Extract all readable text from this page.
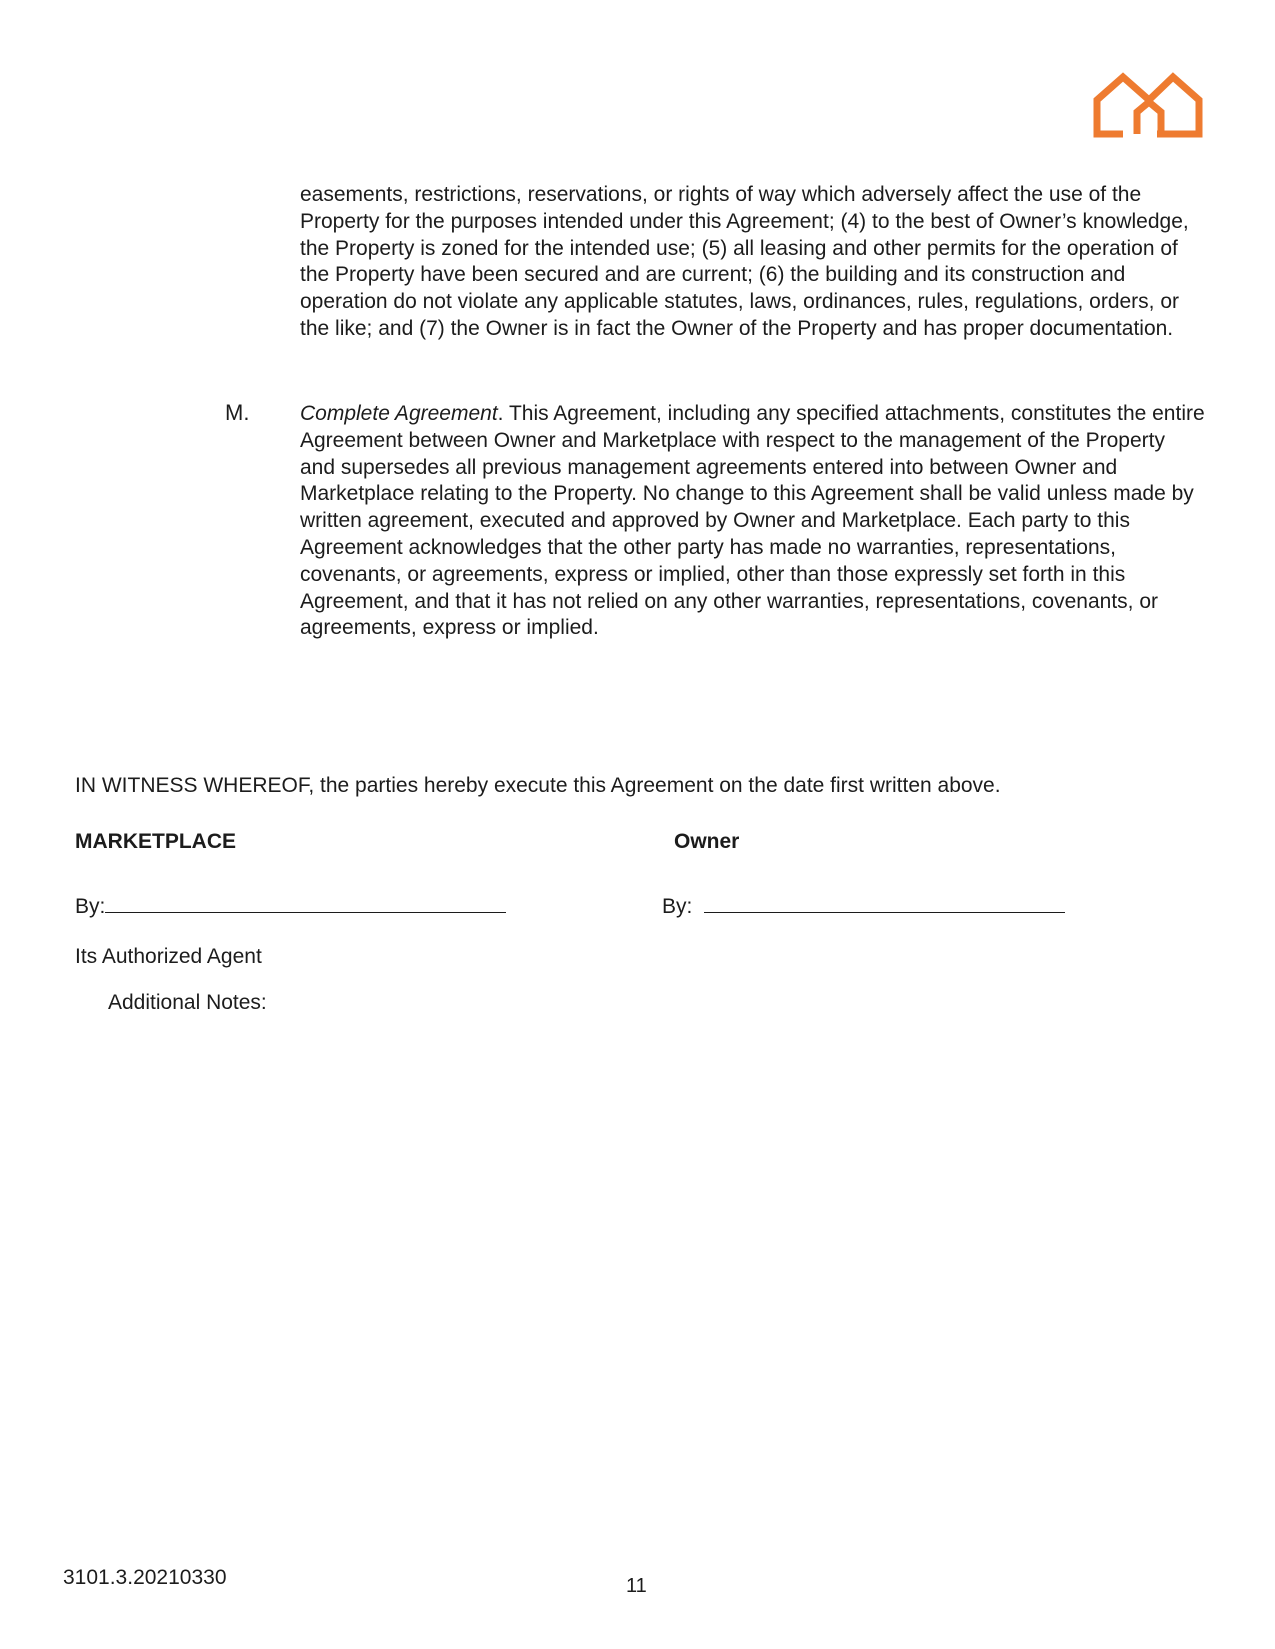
easements, restrictions, reservations, or rights of way which adversely affect the use of the Property for the purposes intended under this Agreement; (4) to the best of Owner’s knowledge, the Property is zoned for the intended use; (5) all leasing and other permits for the operation of the Property have been secured and are current; (6) the building and its construction and operation do not violate any applicable statutes, laws, ordinances, rules, regulations, orders, or the like; and (7) the Owner is in fact the Owner of the Property and has proper documentation.

M. Complete Agreement. This Agreement, including any specified attachments, constitutes the entire Agreement between Owner and Marketplace with respect to the management of the Property and supersedes all previous management agreements entered into between Owner and Marketplace relating to the Property. No change to this Agreement shall be valid unless made by written agreement, executed and approved by Owner and Marketplace. Each party to this Agreement acknowledges that the other party has made no warranties, representations, covenants, or agreements, express or implied, other than those expressly set forth in this Agreement, and that it has not relied on any other warranties, representations, covenants, or agreements, express or implied.

IN WITNESS WHEREOF, the parties hereby execute this Agreement on the date first written above.
MARKETPLACE	Owner
By:	By:
Its Authorized Agent
Additional Notes:
3101.3.20210330	11
